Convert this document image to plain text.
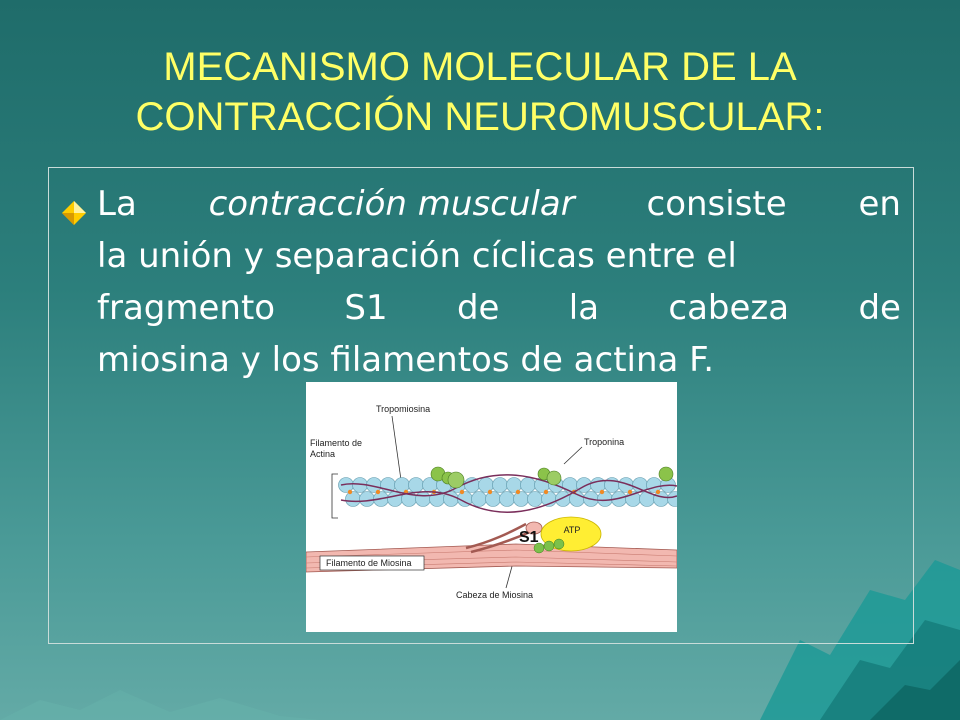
MECANISMO MOLECULAR DE LA
CONTRACCIÓN NEUROMUSCULAR:
La contracción muscular consiste en
la unión y separación cíclicas entre el
fragmento S1 de la cabeza de
miosina y los filamentos de actina F.
ATP
Tropomiosina
Filamento de
Actina
Troponina
Filamento de Miosina
Cabeza de Miosina
S1
